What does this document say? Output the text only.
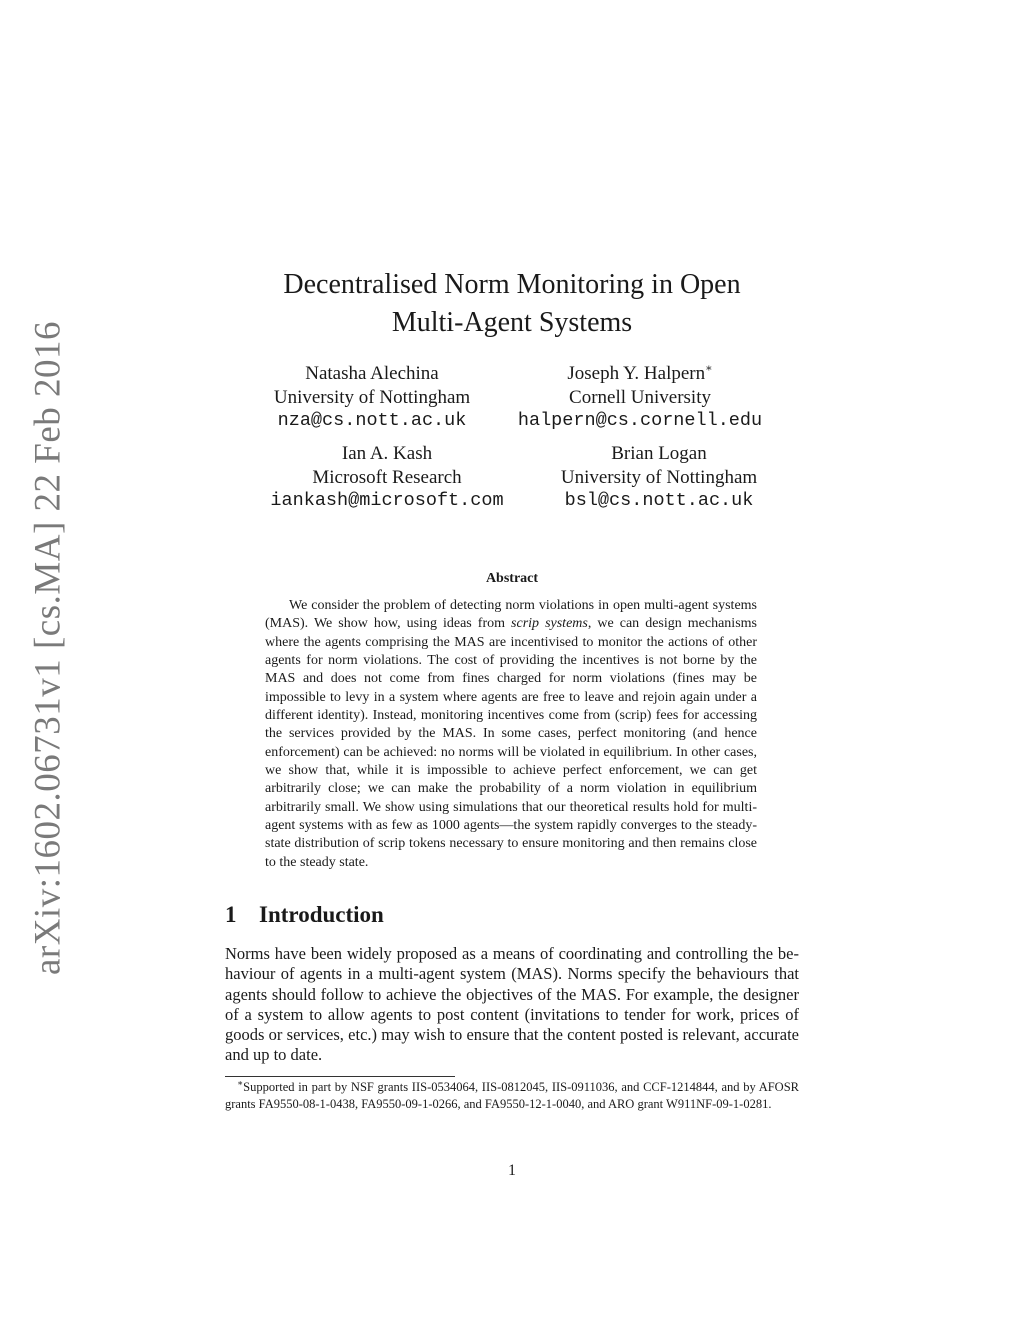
arXiv:1602.06731v1 [cs.MA] 22 Feb 2016
Decentralised Norm Monitoring in Open
Multi-Agent Systems
Natasha Alechina
University of Nottingham
nza@cs.nott.ac.uk
Joseph Y. Halpern∗
Cornell University
halpern@cs.cornell.edu
Ian A. Kash
Microsoft Research
iankash@microsoft.com
Brian Logan
University of Nottingham
bsl@cs.nott.ac.uk
Abstract

We consider the problem of detecting norm violations in open multi-agent systems (MAS). We show how, using ideas from scrip systems, we can design mechanisms where the agents comprising the MAS are incentivised to monitor the actions of other agents for norm violations. The cost of providing the incentives is not borne by the MAS and does not come from fines charged for norm violations (fines may be impossible to levy in a system where agents are free to leave and rejoin again under a different identity). Instead, monitoring incentives come from (scrip) fees for accessing the services provided by the MAS. In some cases, perfect monitoring (and hence enforcement) can be achieved: no norms will be violated in equilibrium. In other cases, we show that, while it is impossible to achieve perfect enforcement, we can get arbitrarily close; we can make the probability of a norm violation in equilibrium arbitrarily small. We show using simulations that our theoretical results hold for multi-agent systems with as few as 1000 agents—the system rapidly converges to the steady-state distribution of scrip tokens necessary to ensure monitoring and then remains close to the steady state.

1 Introduction

Norms have been widely proposed as a means of coordinating and controlling the behaviour of agents in a multi-agent system (MAS). Norms specify the behaviours that agents should follow to achieve the objectives of the MAS. For example, the designer of a system to allow agents to post content (invitations to tender for work, prices of goods or services, etc.) may wish to ensure that the content posted is relevant, accurate and up to date.

∗Supported in part by NSF grants IIS-0534064, IIS-0812045, IIS-0911036, and CCF-1214844, and by AFOSR grants FA9550-08-1-0438, FA9550-09-1-0266, and FA9550-12-1-0040, and ARO grant W911NF-09-1-0281.

1
